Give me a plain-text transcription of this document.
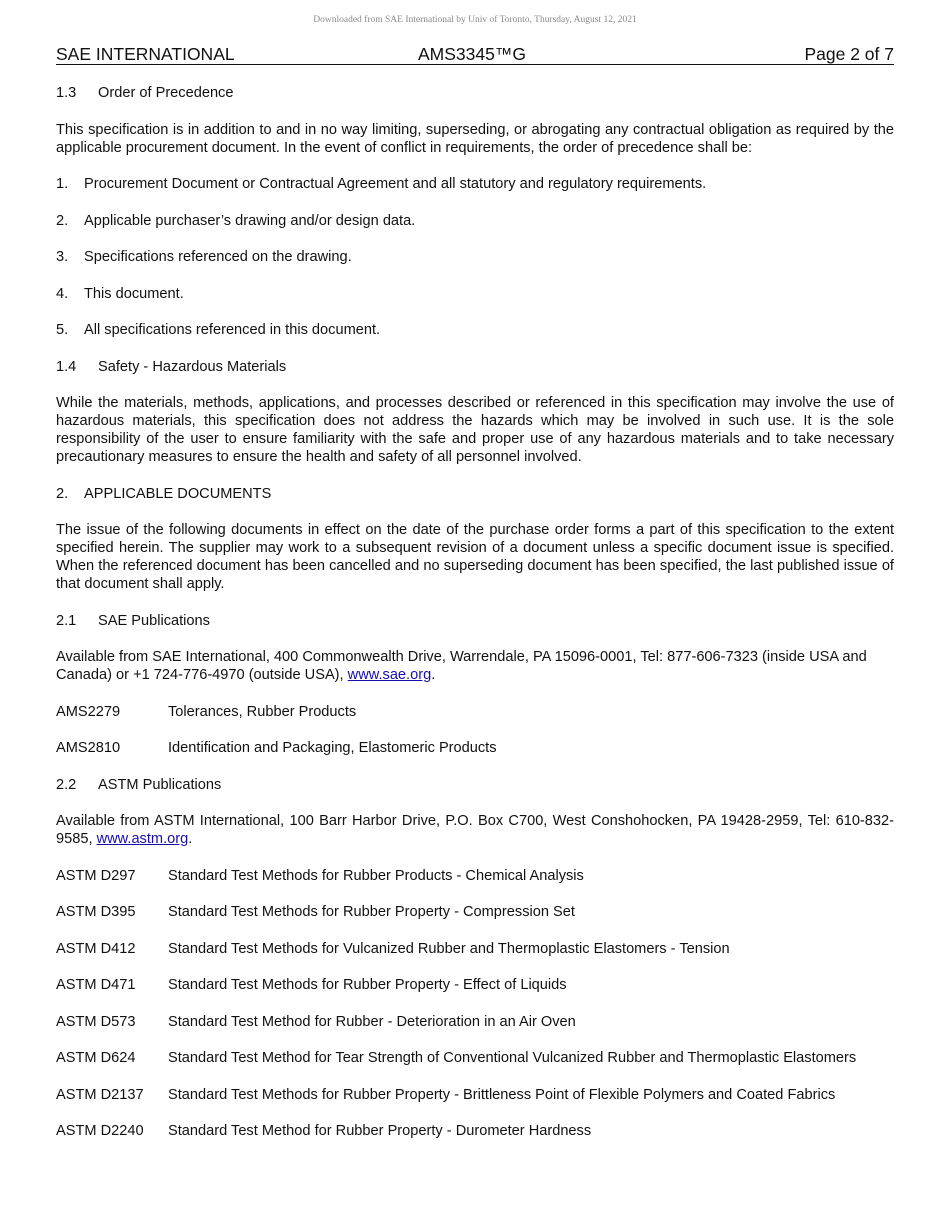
Downloaded from SAE International by Univ of Toronto, Thursday, August 12, 2021
SAE INTERNATIONAL	AMS3345™G	Page 2 of 7
1.3 Order of Precedence
This specification is in addition to and in no way limiting, superseding, or abrogating any contractual obligation as required by the applicable procurement document. In the event of conflict in requirements, the order of precedence shall be:
1. Procurement Document or Contractual Agreement and all statutory and regulatory requirements.
2. Applicable purchaser’s drawing and/or design data.
3. Specifications referenced on the drawing.
4. This document.
5. All specifications referenced in this document.
1.4 Safety - Hazardous Materials
While the materials, methods, applications, and processes described or referenced in this specification may involve the use of hazardous materials, this specification does not address the hazards which may be involved in such use. It is the sole responsibility of the user to ensure familiarity with the safe and proper use of any hazardous materials and to take necessary precautionary measures to ensure the health and safety of all personnel involved.
2. APPLICABLE DOCUMENTS
The issue of the following documents in effect on the date of the purchase order forms a part of this specification to the extent specified herein. The supplier may work to a subsequent revision of a document unless a specific document issue is specified. When the referenced document has been cancelled and no superseding document has been specified, the last published issue of that document shall apply.
2.1 SAE Publications
Available from SAE International, 400 Commonwealth Drive, Warrendale, PA 15096-0001, Tel: 877-606-7323 (inside USA and Canada) or +1 724-776-4970 (outside USA), www.sae.org.
AMS2279	Tolerances, Rubber Products
AMS2810	Identification and Packaging, Elastomeric Products
2.2 ASTM Publications
Available from ASTM International, 100 Barr Harbor Drive, P.O. Box C700, West Conshohocken, PA 19428-2959, Tel: 610-832-9585, www.astm.org.
ASTM D297	Standard Test Methods for Rubber Products - Chemical Analysis
ASTM D395	Standard Test Methods for Rubber Property - Compression Set
ASTM D412	Standard Test Methods for Vulcanized Rubber and Thermoplastic Elastomers - Tension
ASTM D471	Standard Test Methods for Rubber Property - Effect of Liquids
ASTM D573	Standard Test Method for Rubber - Deterioration in an Air Oven
ASTM D624	Standard Test Method for Tear Strength of Conventional Vulcanized Rubber and Thermoplastic Elastomers
ASTM D2137	Standard Test Methods for Rubber Property - Brittleness Point of Flexible Polymers and Coated Fabrics
ASTM D2240	Standard Test Method for Rubber Property - Durometer Hardness
